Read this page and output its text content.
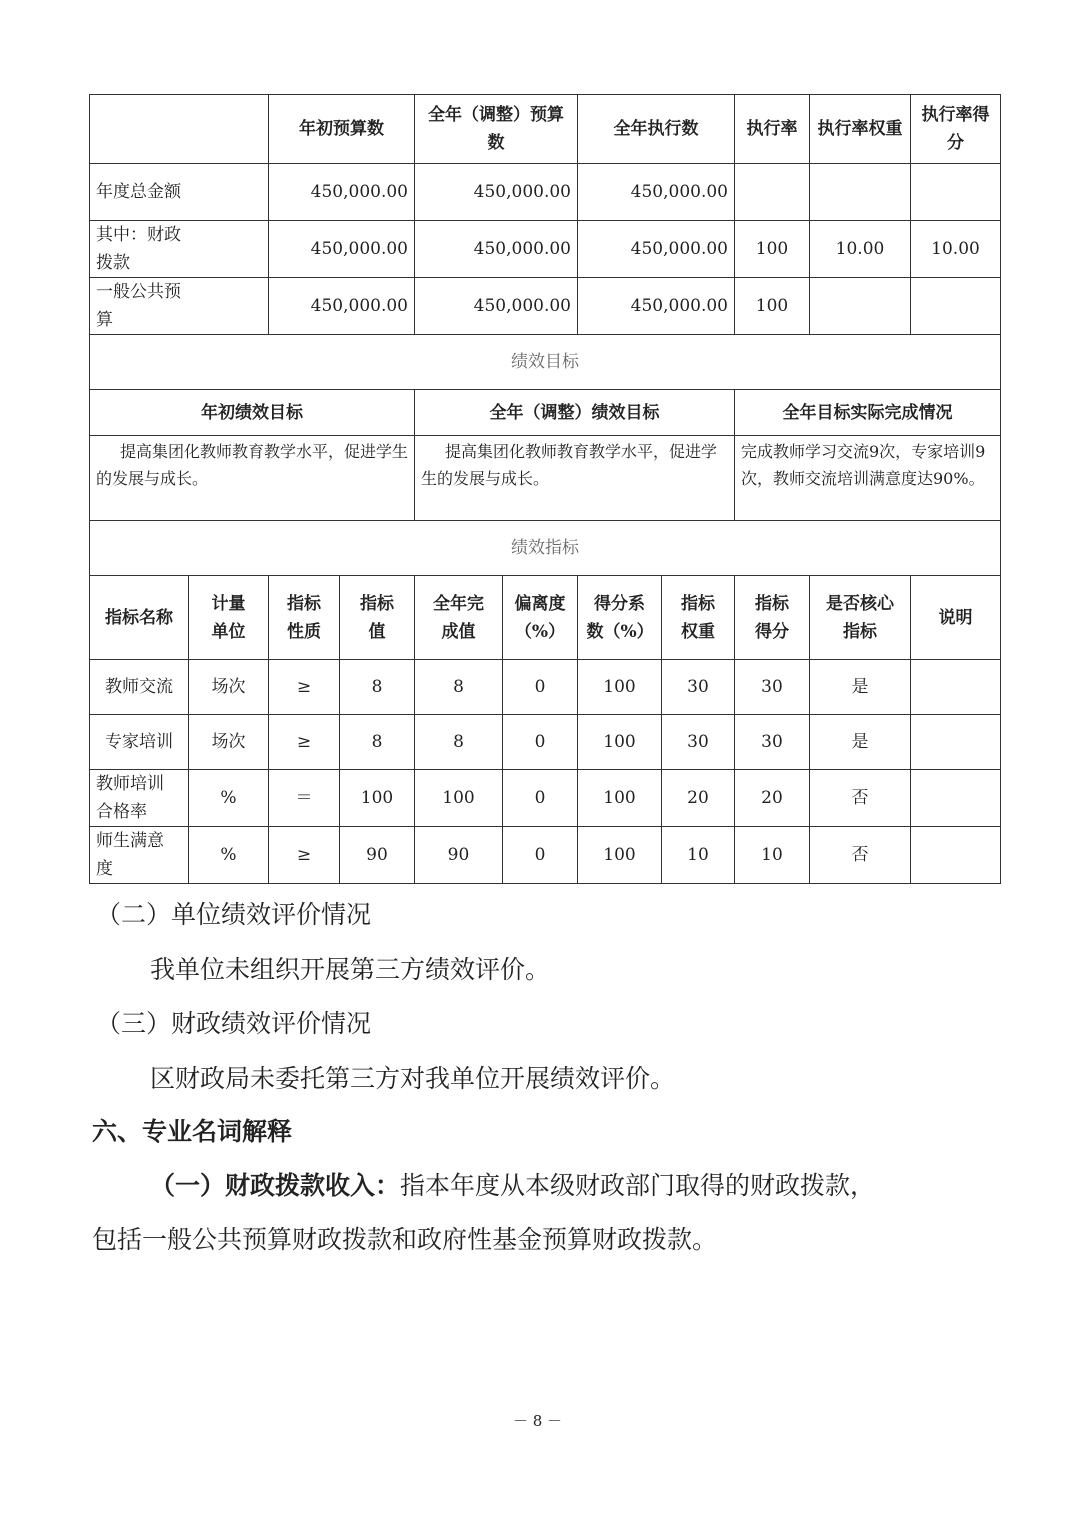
		年初预算数		全年（调整）预算数		全年执行数		执行率	执行率权重	执行率得分

年度总金额		450,000.00		450,000.00		450,000.00				

其中：财政拨款		450,000.00		450,000.00		450,000.00		100	10.00	10.00

一般公共预算		450,000.00		450,000.00		450,000.00		100		
绩效目标										
年初绩效目标				全年（调整）绩效目标				全年目标实际完成情况		
提高集团化教师教育教学水平，促进学生的发展与成长。				提高集团化教师教育教学水平，促进学生的发展与成长。				完成教师学习交流9次，专家培训9次，教师交流培训满意度达90%。		
绩效指标										
指标名称	计量单位	指标性质	指标值	全年完成值	偏离度（%）	得分系数（%）	指标权重	指标得分	是否核心指标	说明
教师交流	场次	≥	8	8	0	100	30	30	是	
专家培训	场次	≥	8	8	0	100	30	30	是	

教师培训合格率	%	＝	100	100	0	100	20	20	否	

师生满意度	%	≥	90	90	0	100	10	10	否	
（二）单位绩效评价情况
我单位未组织开展第三方绩效评价。
（三）财政绩效评价情况
区财政局未委托第三方对我单位开展绩效评价。
六、专业名词解释
（一）财政拨款收入：指本年度从本级财政部门取得的财政拨款，
包括一般公共预算财政拨款和政府性基金预算财政拨款。
－ 8 －
